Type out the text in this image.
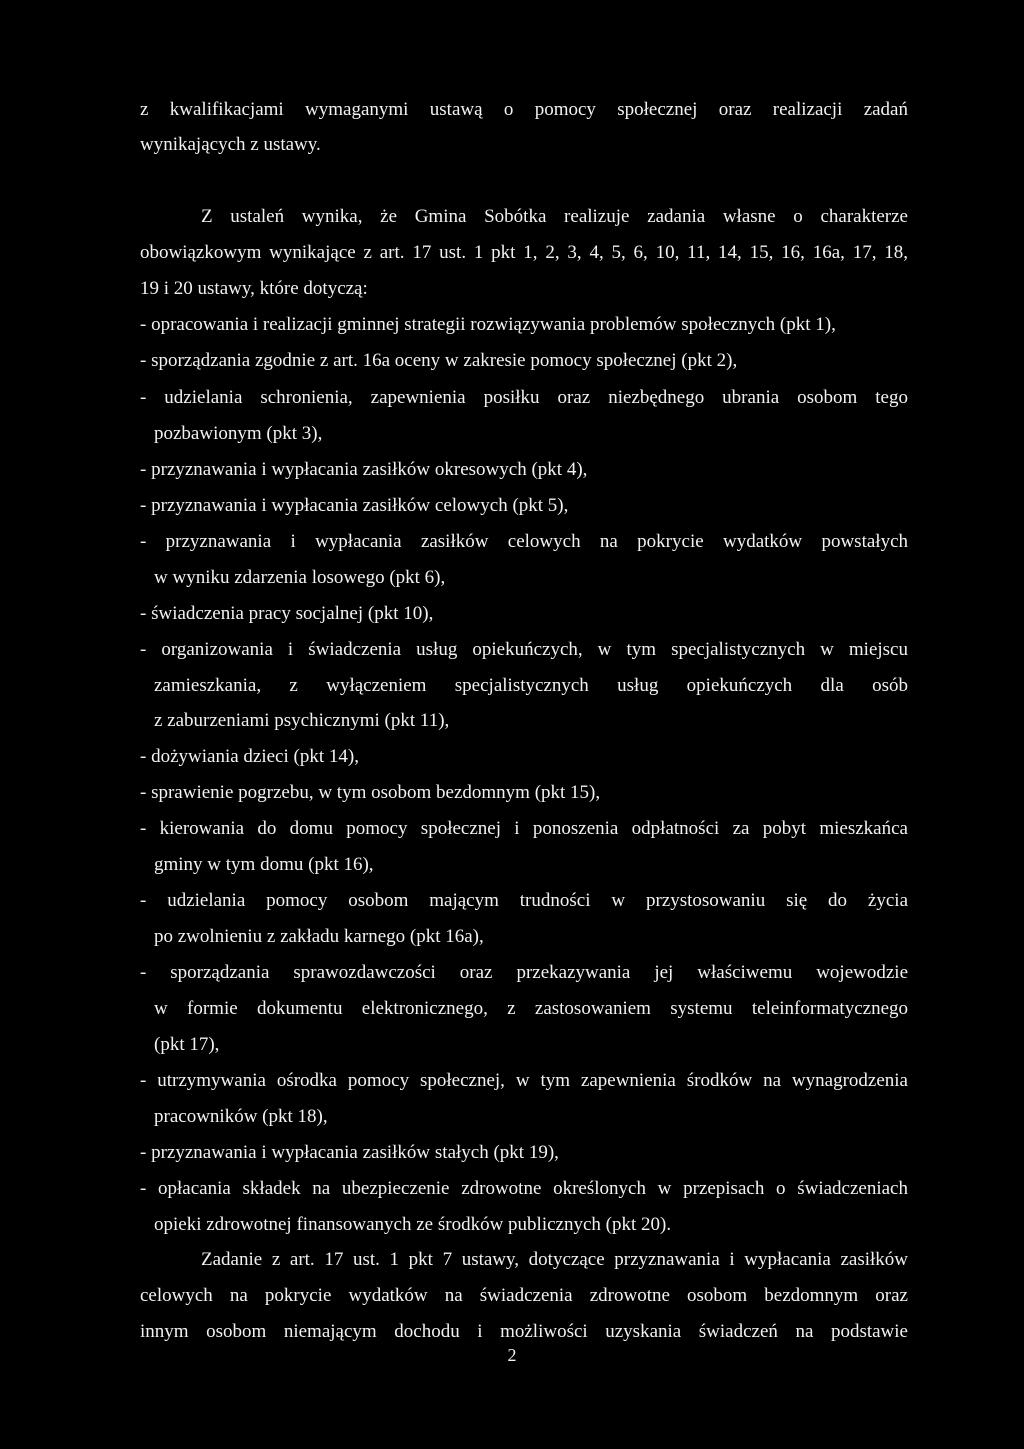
z kwalifikacjami wymaganymi ustawą o pomocy społecznej oraz realizacji zadań
wynikających z ustawy.
Z ustaleń wynika, że Gmina Sobótka realizuje zadania własne o charakterze
obowiązkowym wynikające z art. 17 ust. 1 pkt 1, 2, 3, 4, 5, 6, 10, 11, 14, 15, 16, 16a, 17, 18,
19 i 20 ustawy, które dotyczą:
- opracowania i realizacji gminnej strategii rozwiązywania problemów społecznych (pkt 1),
- sporządzania zgodnie z art. 16a oceny w zakresie pomocy społecznej (pkt 2),
- udzielania schronienia, zapewnienia posiłku oraz niezbędnego ubrania osobom tego
pozbawionym (pkt 3),
- przyznawania i wypłacania zasiłków okresowych (pkt 4),
- przyznawania i wypłacania zasiłków celowych (pkt 5),
- przyznawania i wypłacania zasiłków celowych na pokrycie wydatków powstałych
w wyniku zdarzenia losowego (pkt 6),
- świadczenia pracy socjalnej (pkt 10),
- organizowania i świadczenia usług opiekuńczych, w tym specjalistycznych w miejscu
zamieszkania, z wyłączeniem specjalistycznych usług opiekuńczych dla osób
z zaburzeniami psychicznymi (pkt 11),
- dożywiania dzieci (pkt 14),
- sprawienie pogrzebu, w tym osobom bezdomnym (pkt 15),
- kierowania do domu pomocy społecznej i ponoszenia odpłatności za pobyt mieszkańca
gminy w tym domu (pkt 16),
- udzielania pomocy osobom mającym trudności w przystosowaniu się do życia
po zwolnieniu z zakładu karnego (pkt 16a),
- sporządzania sprawozdawczości oraz przekazywania jej właściwemu wojewodzie
w formie dokumentu elektronicznego, z zastosowaniem systemu teleinformatycznego
(pkt 17),
- utrzymywania ośrodka pomocy społecznej, w tym zapewnienia środków na wynagrodzenia
pracowników (pkt 18),
- przyznawania i wypłacania zasiłków stałych (pkt 19),
- opłacania składek na ubezpieczenie zdrowotne określonych w przepisach o świadczeniach
opieki zdrowotnej finansowanych ze środków publicznych (pkt 20).
Zadanie z art. 17 ust. 1 pkt 7 ustawy, dotyczące przyznawania i wypłacania zasiłków
celowych na pokrycie wydatków na świadczenia zdrowotne osobom bezdomnym oraz
innym osobom niemającym dochodu i możliwości uzyskania świadczeń na podstawie
2
